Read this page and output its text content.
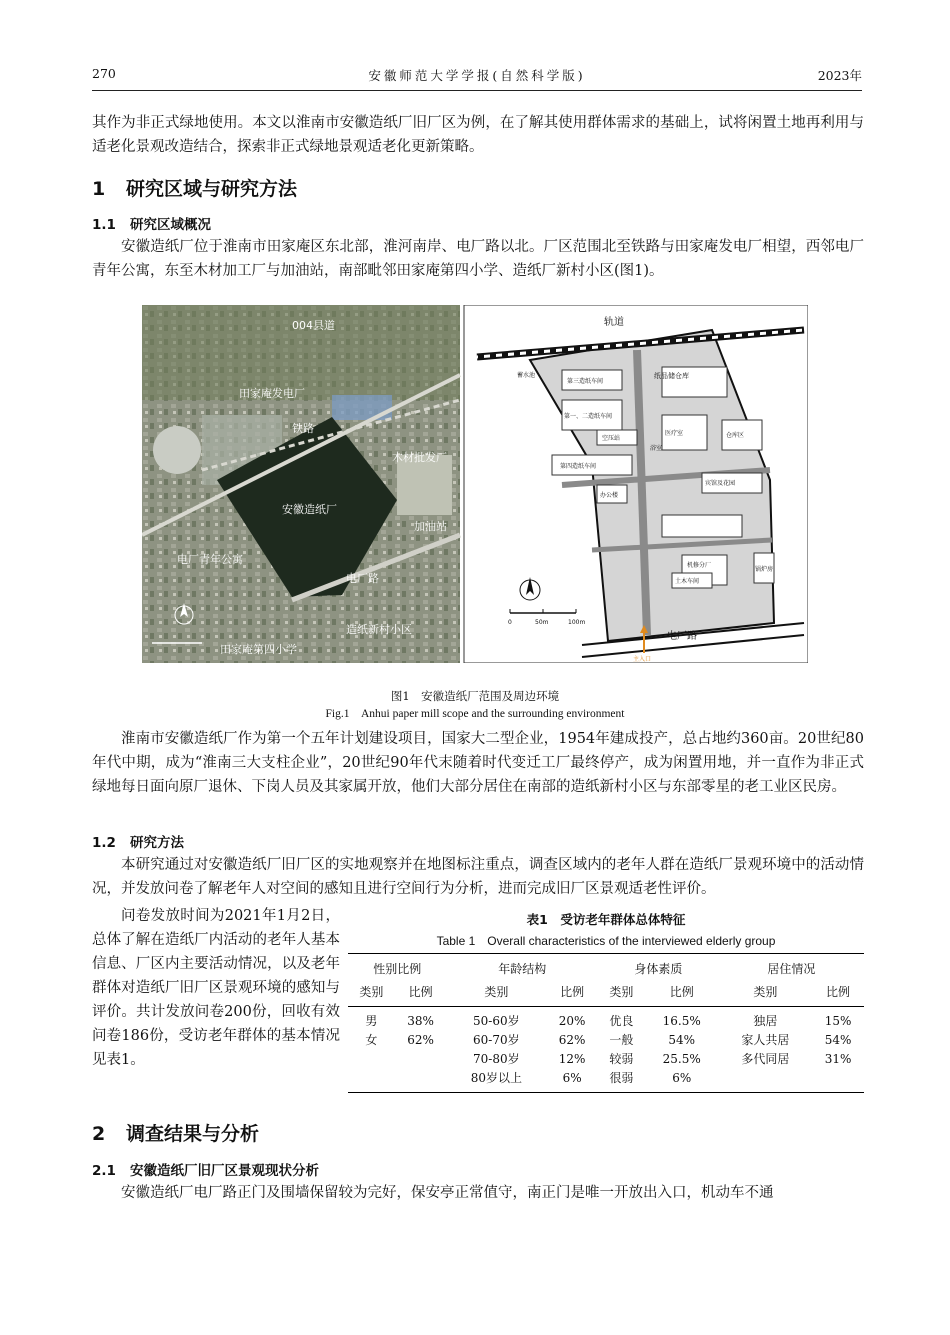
270	安徽师范大学学报(自然科学版)	2023年

其作为非正式绿地使用。本文以淮南市安徽造纸厂旧厂区为例，在了解其使用群体需求的基础上，试将闲置土地再利用与适老化景观改造结合，探索非正式绿地景观适老化更新策略。

1 研究区域与研究方法
1.1 研究区域概况

安徽造纸厂位于淮南市田家庵区东北部，淮河南岸、电厂路以北。厂区范围北至铁路与田家庵发电厂相望，西邻电厂青年公寓，东至木材加工厂与加油站，南部毗邻田家庵第四小学、造纸厂新村小区(图1)。

004县道
田家庵发电厂
铁路
木材批发厂
安徽造纸厂
加油站
电厂青年公寓
电厂路
造纸新村小区
田家庵第四小学
轨道
纸品储仓库
蓄水池
第三造纸车间
第一、二造纸车间
医疗室	仓库区
空压站
浴室
第四造纸车间
宾馆及花园
办公楼
机修分厂
土木车间
锅炉房
电厂路
主入口
0	50m	100m
图1　安徽造纸厂范围及周边环境
Fig.1　Anhui paper mill scope and the surrounding environment

淮南市安徽造纸厂作为第一个五年计划建设项目，国家大二型企业，1954年建成投产，总占地约360亩。20世纪80年代中期，成为“淮南三大支柱企业”，20世纪90年代末随着时代变迁工厂最终停产，成为闲置用地，并一直作为非正式绿地每日面向原厂退休、下岗人员及其家属开放，他们大部分居住在南部的造纸新村小区与东部零星的老工业区民房。

1.2 研究方法

本研究通过对安徽造纸厂旧厂区的实地观察并在地图标注重点，调查区域内的老年人群在造纸厂景观环境中的活动情况，并发放问卷了解老年人对空间的感知且进行空间行为分析，进而完成旧厂区景观适老性评价。

问卷发放时间为2021年1月2日，总体了解在造纸厂内活动的老年人基本信息、厂区内主要活动情况，以及老年群体对造纸厂旧厂区景观环境的感知与评价。共计发放问卷200份，回收有效问卷186份，受访老年群体的基本情况见表1。

表1　受访老年群体总体特征
Table 1　Overall characteristics of the interviewed elderly group
性别比例		年龄结构		身体素质		居住情况	
类别	比例	类别	比例	类别	比例	类别	比例
男	38%	50-60岁	20%	优良	16.5%	独居	15%
女	62%	60-70岁	62%	一般	54%	家人共居	54%
		70-80岁	12%	较弱	25.5%	多代同居	31%
		80岁以上	6%	很弱	6%		
2 调查结果与分析
2.1 安徽造纸厂旧厂区景观现状分析

安徽造纸厂电厂路正门及围墙保留较为完好，保安亭正常值守，南正门是唯一开放出入口，机动车不通
